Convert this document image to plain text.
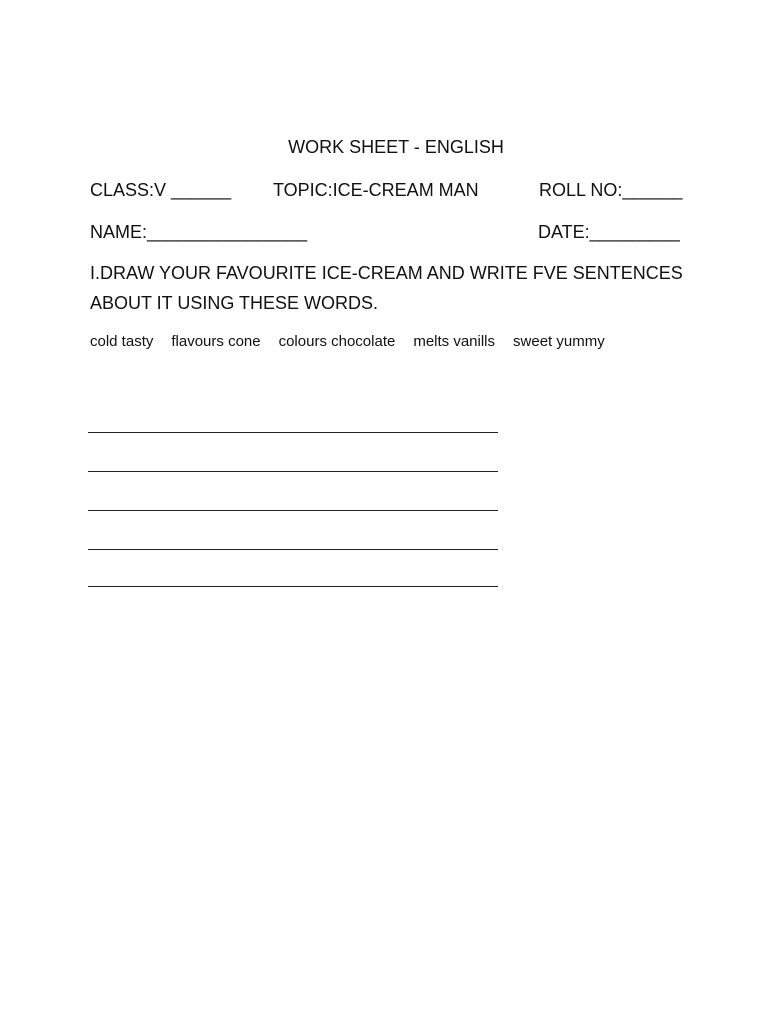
WORK SHEET - ENGLISH
CLASS:V ______ TOPIC:ICE-CREAM MAN	ROLL NO:______
NAME:________________	DATE:_________
I.DRAW YOUR FAVOURITE ICE-CREAM AND WRITE FVE SENTENCES
ABOUT IT USING THESE WORDS.
cold tasty flavours cone colours chocolate melts vanills sweet yummy
